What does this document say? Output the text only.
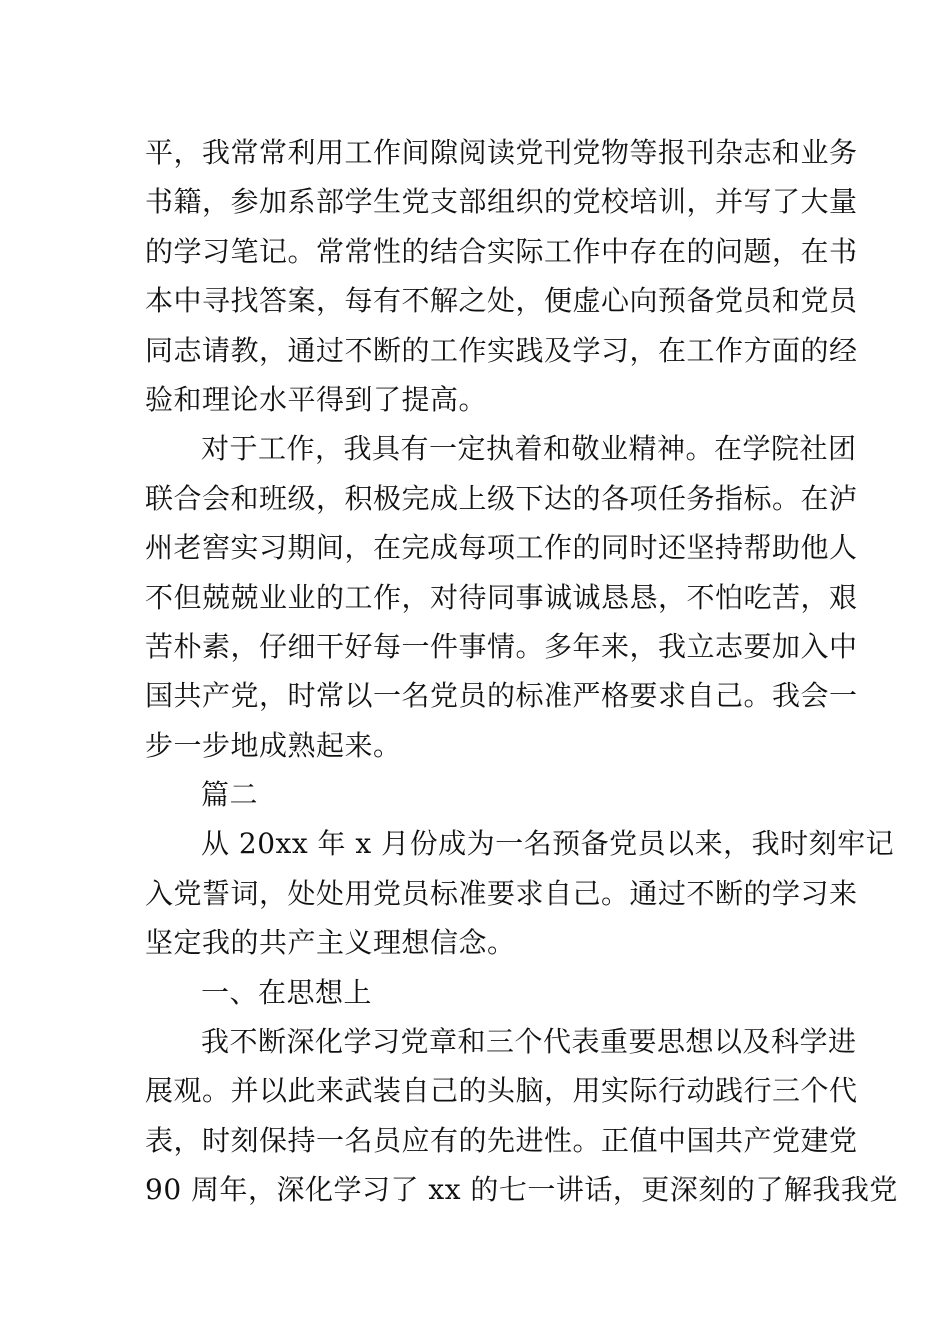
平，我常常利用工作间隙阅读党刊党物等报刊杂志和业务
书籍，参加系部学生党支部组织的党校培训，并写了大量
的学习笔记。常常性的结合实际工作中存在的问题，在书
本中寻找答案，每有不解之处，便虚心向预备党员和党员
同志请教，通过不断的工作实践及学习，在工作方面的经
验和理论水平得到了提高。
对于工作，我具有一定执着和敬业精神。在学院社团
联合会和班级，积极完成上级下达的各项任务指标。在泸
州老窖实习期间，在完成每项工作的同时还坚持帮助他人
不但兢兢业业的工作，对待同事诚诚恳恳，不怕吃苦，艰
苦朴素，仔细干好每一件事情。多年来，我立志要加入中
国共产党，时常以一名党员的标准严格要求自己。我会一
步一步地成熟起来。
篇二
从 20xx 年 x 月份成为一名预备党员以来，我时刻牢记
入党誓词，处处用党员标准要求自己。通过不断的学习来
坚定我的共产主义理想信念。
一、在思想上
我不断深化学习党章和三个代表重要思想以及科学进
展观。并以此来武装自己的头脑，用实际行动践行三个代
表，时刻保持一名员应有的先进性。正值中国共产党建党
90 周年，深化学习了 xx 的七一讲话，更深刻的了解我我党
